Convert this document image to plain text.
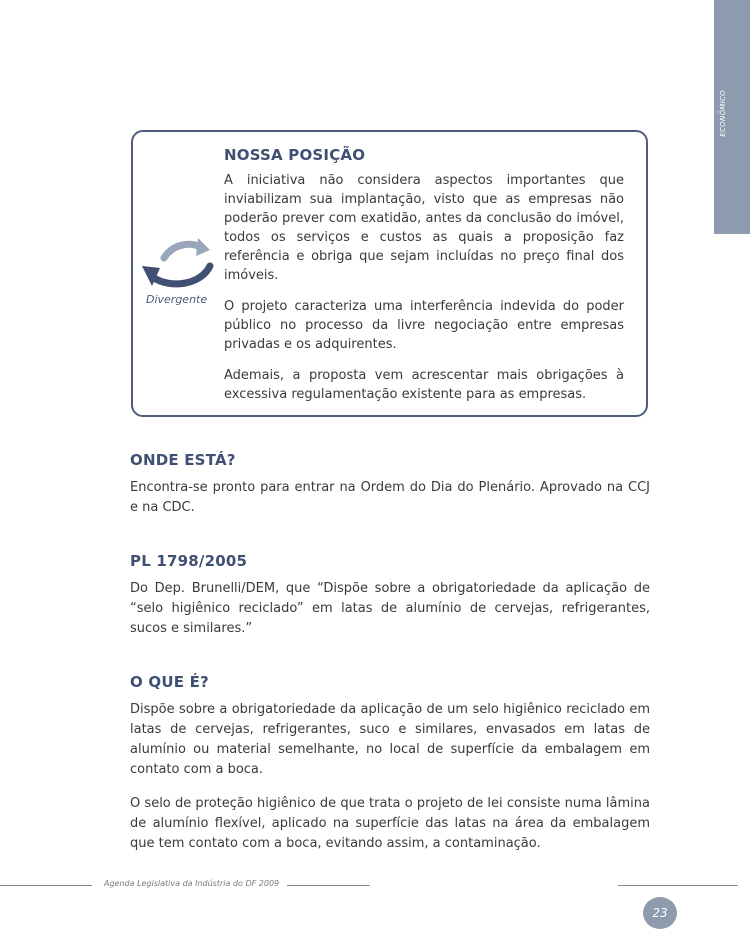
ECONÔMICO
Divergente
NOSSA POSIÇÃO

A iniciativa não considera aspectos importantes que inviabilizam sua implantação, visto que as empresas não poderão prever com exatidão, antes da conclusão do imóvel, todos os serviços e custos as quais a proposição faz referência e obriga que sejam incluídas no preço final dos imóveis.

O projeto caracteriza uma interferência indevida do poder público no processo da livre negociação entre empresas privadas e os adquirentes.

Ademais, a proposta vem acrescentar mais obrigações à excessiva regulamentação existente para as empresas.

ONDE ESTÁ?

Encontra-se pronto para entrar na Ordem do Dia do Plenário. Aprovado na CCJ e na CDC.

PL 1798/2005

Do Dep. Brunelli/DEM, que “Dispõe sobre a obrigatoriedade da aplicação de “selo higiênico reciclado” em latas de alumínio de cervejas, refrigerantes, sucos e similares.”

O QUE É?

Dispõe sobre a obrigatoriedade da aplicação de um selo higiênico reciclado em latas de cervejas, refrigerantes, suco e similares, envasados em latas de alumínio ou material semelhante, no local de superfície da embalagem em contato com a boca.

O selo de proteção higiênico de que trata o projeto de lei consiste numa lâmina de alumínio flexível, aplicado na superfície das latas na área da embalagem que tem contato com a boca, evitando assim, a contaminação.

Agenda Legislativa da Indústria do DF 2009
23
